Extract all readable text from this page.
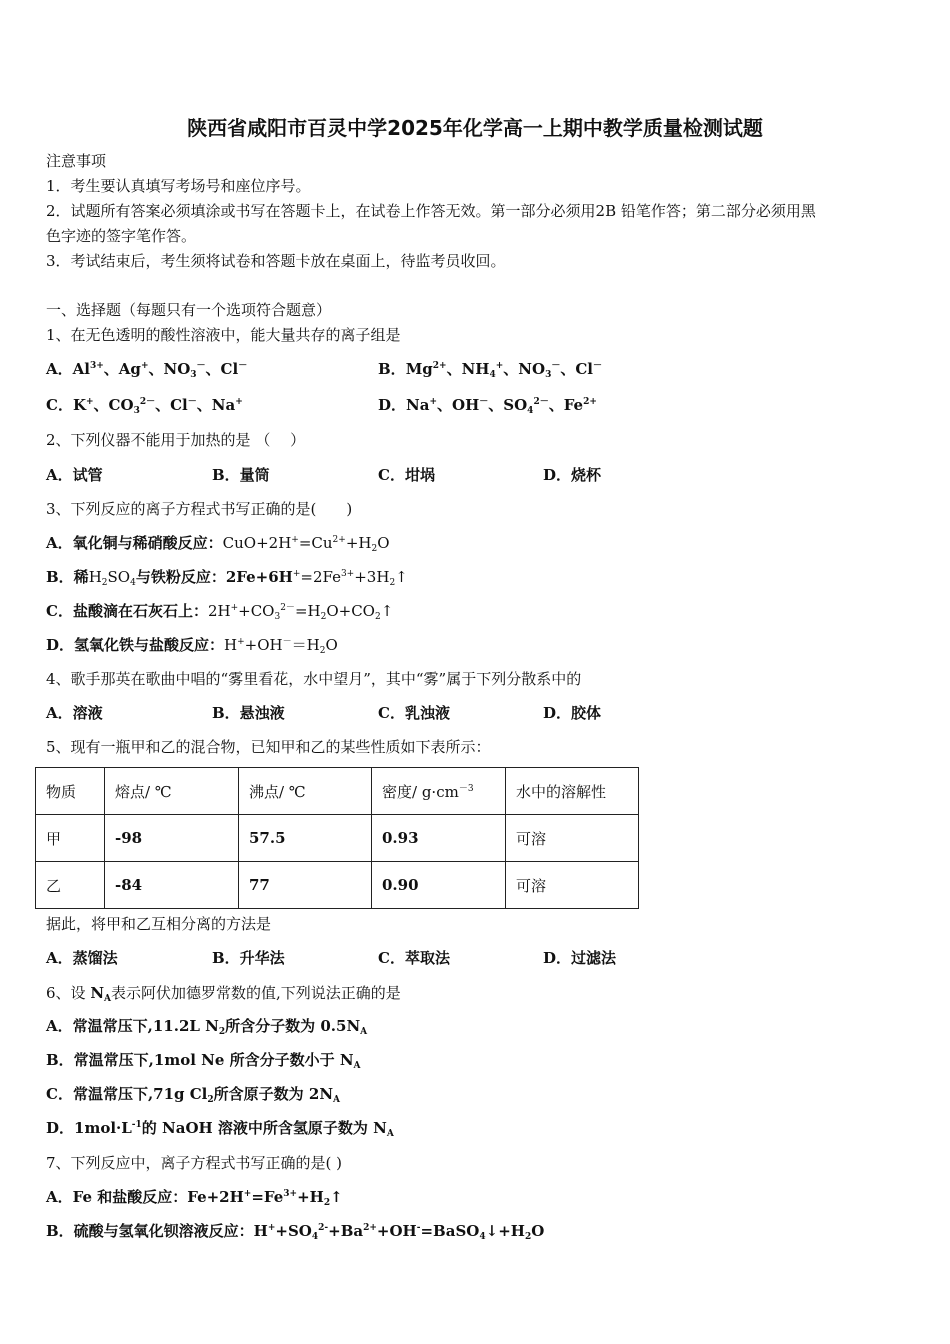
陕西省咸阳市百灵中学2025年化学高一上期中教学质量检测试题
注意事项
1．考生要认真填写考场号和座位序号。
2．试题所有答案必须填涂或书写在答题卡上，在试卷上作答无效。第一部分必须用2B 铅笔作答；第二部分必须用黑
色字迹的签字笔作答。
3．考试结束后，考生须将试卷和答题卡放在桌面上，待监考员收回。
一、选择题（每题只有一个选项符合题意）
1、在无色透明的酸性溶液中，能大量共存的离子组是
A．$Al^{3+}$、Ag+、$NO_3^-$、Cl－	B．$Mg^{2+}$、$NH_4^+$、$NO_3^-$、Cl－
C．K+、$CO_3^{2-}$、Cl－、Na+	D．Na+、OH－、$SO_4^{2-}$、$Fe^{2+}$
2、下列仪器不能用于加热的是 （　 ）
A．试管	B．量筒	C．坩埚	D．烧杯
3、下列反应的离子方程式书写正确的是(　　)
A．氧化铜与稀硝酸反应：$CuO+2H^+=Cu^{2+}+H_2O$
B．稀$H_2SO_4$与铁粉反应：$2Fe+6H^+=2Fe^{3+}+3H_2↑$
C．盐酸滴在石灰石上：$2H^++CO_3^{2-}=H_2O+CO_2↑$
D．氢氧化铁与盐酸反应：$H^++OH^-=H_2O$
4、歌手那英在歌曲中唱的“雾里看花，水中望月”，其中“雾”属于下列分散系中的
A．溶液	B．悬浊液	C．乳浊液	D．胶体
5、现有一瓶甲和乙的混合物，已知甲和乙的某些性质如下表所示：
物质	熔点/ ℃	沸点/ ℃	密度/ $g\cdot cm^{-3}$	水中的溶解性
甲	-98	57.5	0.93	可溶
乙	-84	77	0.90	可溶
据此，将甲和乙互相分离的方法是
A．蒸馏法	B．升华法	C．萃取法	D．过滤法
6、设 $N_A$表示阿伏加德罗常数的值,下列说法正确的是
A．常温常压下,11.2L $N_2$所含分子数为 $0.5N_A$
B．常温常压下,1mol Ne 所含分子数小于 $N_A$
C．常温常压下,71g $Cl_2$所含原子数为 $2N_A$
D．$1mol\cdot L^{-1}$的 NaOH 溶液中所含氢原子数为 $N_A$
7、下列反应中，离子方程式书写正确的是( )
A．Fe 和盐酸反应：$Fe+2H^+=Fe^{3+}+H_2↑$
B．硫酸与氢氧化钡溶液反应：$H^++SO_4^{2-}+Ba^{2+}+OH^-=BaSO_4↓+H_2O$
